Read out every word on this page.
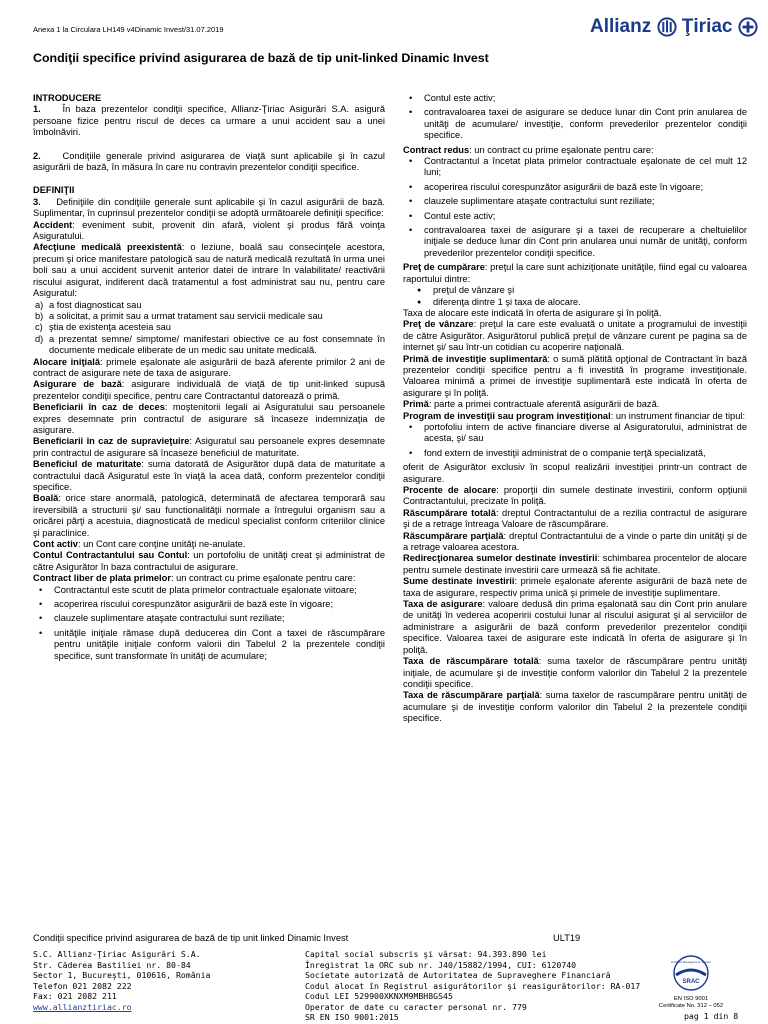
Anexa 1 la Circulara LH149 v4Dinamic Invest/31.07.2019	Allianz Ţiriac
Condiţii specifice privind asigurarea de bază de tip unit-linked Dinamic Invest

INTRODUCERE

1. În baza prezentelor condiţii specifice, Allianz-Ţiriac Asigurări S.A. asigură persoane fizice pentru riscul de deces ca urmare a unui accident sau a unei îmbolnăviri.

2. Condiţiile generale privind asigurarea de viaţă sunt aplicabile şi în cazul asigurării de bază, în măsura în care nu contravin prezentelor condiţii specifice.

DEFINIŢII

3. Definiţiile din condiţiile generale sunt aplicabile şi în cazul asigurării de bază. Suplimentar, în cuprinsul prezentelor condiţii se adoptă următoarele definiţii specifice:

Accident: eveniment subit, provenit din afară, violent şi produs fără voinţa Asiguratului.

Afecţiune medicală preexistentă: o leziune, boală sau consecinţele acestora, precum şi orice manifestare patologică sau de natură medicală rezultată în urma unei boli sau a unui accident survenit anterior datei de intrare în valabilitate/ reactivării riscului asigurat, indiferent dacă tratamentul a fost administrat sau nu, pentru care Asiguratul:

a) a fost diagnosticat sau
b) a solicitat, a primit sau a urmat tratament sau servicii medicale sau
c) ştia de existenţa acesteia sau
d) a prezentat semne/ simptome/ manifestari obiective ce au fost consemnate în documente medicale eliberate de un medic sau unitate medicală.

Alocare iniţială: primele eşalonate ale asigurării de bază aferente primilor 2 ani de contract de asigurare nete de taxa de asigurare.

Asigurare de bază: asigurare individuală de viaţă de tip unit-linked supusă prezentelor condiţii specifice, pentru care Contractantul datorează o primă.

Beneficiarii în caz de deces: moştenitorii legali ai Asiguratului sau persoanele expres desemnate prin contractul de asigurare să încaseze indemnizaţia de asigurare.

Beneficiarii în caz de supravieţuire: Asiguratul sau persoanele expres desemnate prin contractul de asigurare să încaseze beneficiul de maturitate.

Beneficiul de maturitate: suma datorată de Asigurător după data de maturitate a contractului dacă Asiguratul este în viaţă la acea dată, conform prezentelor condiţii specifice.

Boală: orice stare anormală, patologică, determinată de afectarea temporară sau ireversibilă a structurii şi/ sau functionalităţii normale a întregului organism sau a oricărei părţi a acestuia, diagnosticată de medicul specialist conform criteriilor clinice şi paraclinice.

Cont activ: un Cont care conţine unităţi ne-anulate.

Contul Contractantului sau Contul: un portofoliu de unităţi creat şi administrat de către Asigurător în baza contractului de asigurare.

Contract liber de plata primelor: un contract cu prime eşalonate pentru care:

• Contractantul este scutit de plata primelor contractuale eşalonate viitoare;
• acoperirea riscului corespunzător asigurării de bază este în vigoare;
• clauzele suplimentare ataşate contractului sunt reziliate;
• unităţile iniţiale rămase după deducerea din Cont a taxei de răscumpărare pentru unităţile iniţiale conform valorii din Tabelul 2 la prezentele condiţii specifice, sunt transformate în unităţi de acumulare;
• Contul este activ;
• contravaloarea taxei de asigurare se deduce lunar din Cont prin anularea de unităţi de acumulare/ investiţie, conform prevederilor prezentelor condiţii specifice.

Contract redus: un contract cu prime eşalonate pentru care:

• Contractantul a încetat plata primelor contractuale eşalonate de cel mult 12 luni;
• acoperirea riscului corespunzător asigurării de bază este în vigoare;
• clauzele suplimentare ataşate contractului sunt reziliate;
• Contul este activ;
• contravaloarea taxei de asigurare şi a taxei de recuperare a cheltuielilor iniţiale se deduce lunar din Cont prin anularea unui număr de unităţi, conform prevederilor prezentelor condiţii specifice.

Preţ de cumpărare: preţul la care sunt achiziţionate unităţile, fiind egal cu valoarea raportului dintre:

● preţul de vânzare şi
● diferenţa dintre 1 şi taxa de alocare.

Taxa de alocare este indicată în oferta de asigurare şi în poliţă.

Preţ de vânzare: preţul la care este evaluată o unitate a programului de investiţii de către Asigurător. Asigurătorul publică preţul de vânzare curent pe pagina sa de internet şi/ sau într-un cotidian cu acoperire naţională.

Primă de investiţie suplimentară: o sumă plătită opţional de Contractant în bază prezentelor condiţii specifice pentru a fi investită în programe investiţionale. Valoarea minimă a primei de investiţie suplimentară este indicată în oferta de asigurare şi în poliţă.

Primă: parte a primei contractuale aferentă asigurării de bază.

Program de investiţii sau program investiţional: un instrument financiar de tipul:

• portofoliu intern de active financiare diverse al Asiguratorului, administrat de acesta, şi/ sau
• fond extern de investiţii administrat de o companie terţă specializată,

oferit de Asigurător exclusiv în scopul realizării investiţiei printr-un contract de asigurare.

Procente de alocare: proporţii din sumele destinate investirii, conform opţiunii Contractantului, precizate în poliţă.

Răscumpărare totală: dreptul Contractantului de a rezilia contractul de asigurare şi de a retrage întreaga Valoare de răscumpărare.

Răscumpărare parţială: dreptul Contractantului de a vinde o parte din unităţi şi de a retrage valoarea acestora.

Redirecţionarea sumelor destinate investirii: schimbarea procentelor de alocare pentru sumele destinate investirii care urmează să fie achitate.

Sume destinate investirii: primele eşalonate aferente asigurării de bază nete de taxa de asigurare, respectiv prima unică şi primele de investiţie suplimentare.

Taxa de asigurare: valoare dedusă din prima eşalonată sau din Cont prin anulare de unităţi în vederea acoperirii costului lunar al riscului asigurat şi al serviciilor de administrare a asigurării de bază conform prevederilor prezentelor condiţii specifice. Valoarea taxei de asigurare este indicată în oferta de asigurare şi în poliţă.

Taxa de răscumpărare totală: suma taxelor de răscumpărare pentru unităţi iniţiale, de acumulare şi de investiţie conform valorilor din Tabelul 2 la prezentele condiţii specifice.

Taxa de răscumpărare parţială: suma taxelor de rascumpărare pentru unităţi de acumulare şi de investiţie conform valorilor din Tabelul 2 la prezentele condiţii specifice.

Condiţii specifice privind asigurarea de bază de tip unit linked Dinamic Invest	ULT19
S.C. Allianz-Ţiriac Asigurări S.A.
Str. Căderea Bastiliei nr. 80-84
Sector 1, Bucureşti, 010616, România
Telefon 021 2082 222
Fax: 021 2082 211
www.allianztiriac.ro
Capital social subscris şi vărsat: 94.393.890 lei
Înregistrat la ORC sub nr. J40/15882/1994, CUI: 6120740
Societate autorizată de Autoritatea de Supraveghere Financiară
Codul alocat în Registrul asigurătorilor şi reasigurătorilor: RA-017
Codul LEI 529900XKNXM9MBH8GS45
Operator de date cu caracter personal nr. 779
SR EN ISO 9001:2015
SRAC
Certified Management System
EN ISO 9001
Certificate No. 312 – 052
pag 1 din 8
